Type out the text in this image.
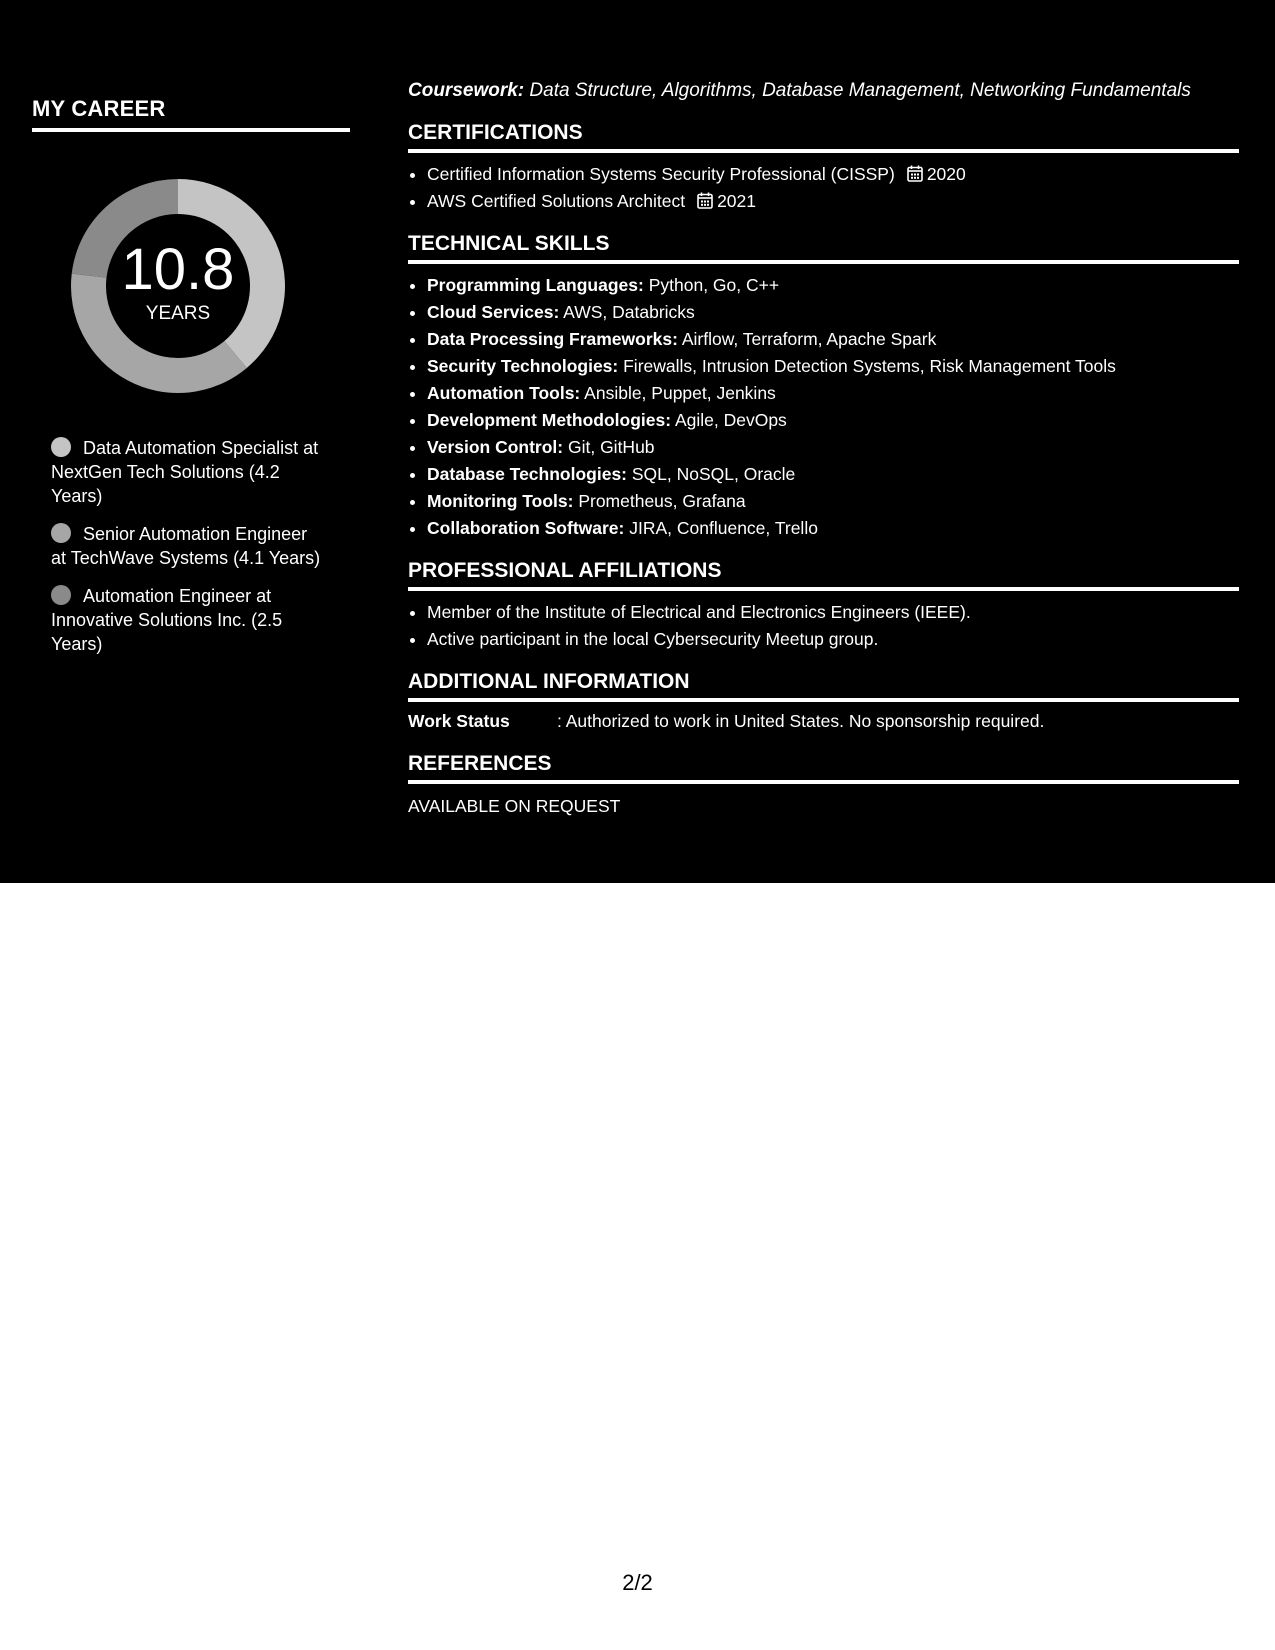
MY CAREER
10.8
YEARS
Data Automation Specialist at NextGen Tech Solutions (4.2 Years)
Senior Automation Engineer at TechWave Systems (4.1 Years)
Automation Engineer at Innovative Solutions Inc. (2.5 Years)
Coursework: Data Structure, Algorithms, Database Management, Networking Fundamentals
CERTIFICATIONS
• Certified Information Systems Security Professional (CISSP) 2020
• AWS Certified Solutions Architect 2021
TECHNICAL SKILLS
• Programming Languages: Python, Go, C++
• Cloud Services: AWS, Databricks
• Data Processing Frameworks: Airflow, Terraform, Apache Spark
• Security Technologies: Firewalls, Intrusion Detection Systems, Risk Management Tools
• Automation Tools: Ansible, Puppet, Jenkins
• Development Methodologies: Agile, DevOps
• Version Control: Git, GitHub
• Database Technologies: SQL, NoSQL, Oracle
• Monitoring Tools: Prometheus, Grafana
• Collaboration Software: JIRA, Confluence, Trello
PROFESSIONAL AFFILIATIONS
• Member of the Institute of Electrical and Electronics Engineers (IEEE).
• Active participant in the local Cybersecurity Meetup group.
ADDITIONAL INFORMATION
Work Status	: Authorized to work in United States. No sponsorship required.
REFERENCES
AVAILABLE ON REQUEST
2/2
